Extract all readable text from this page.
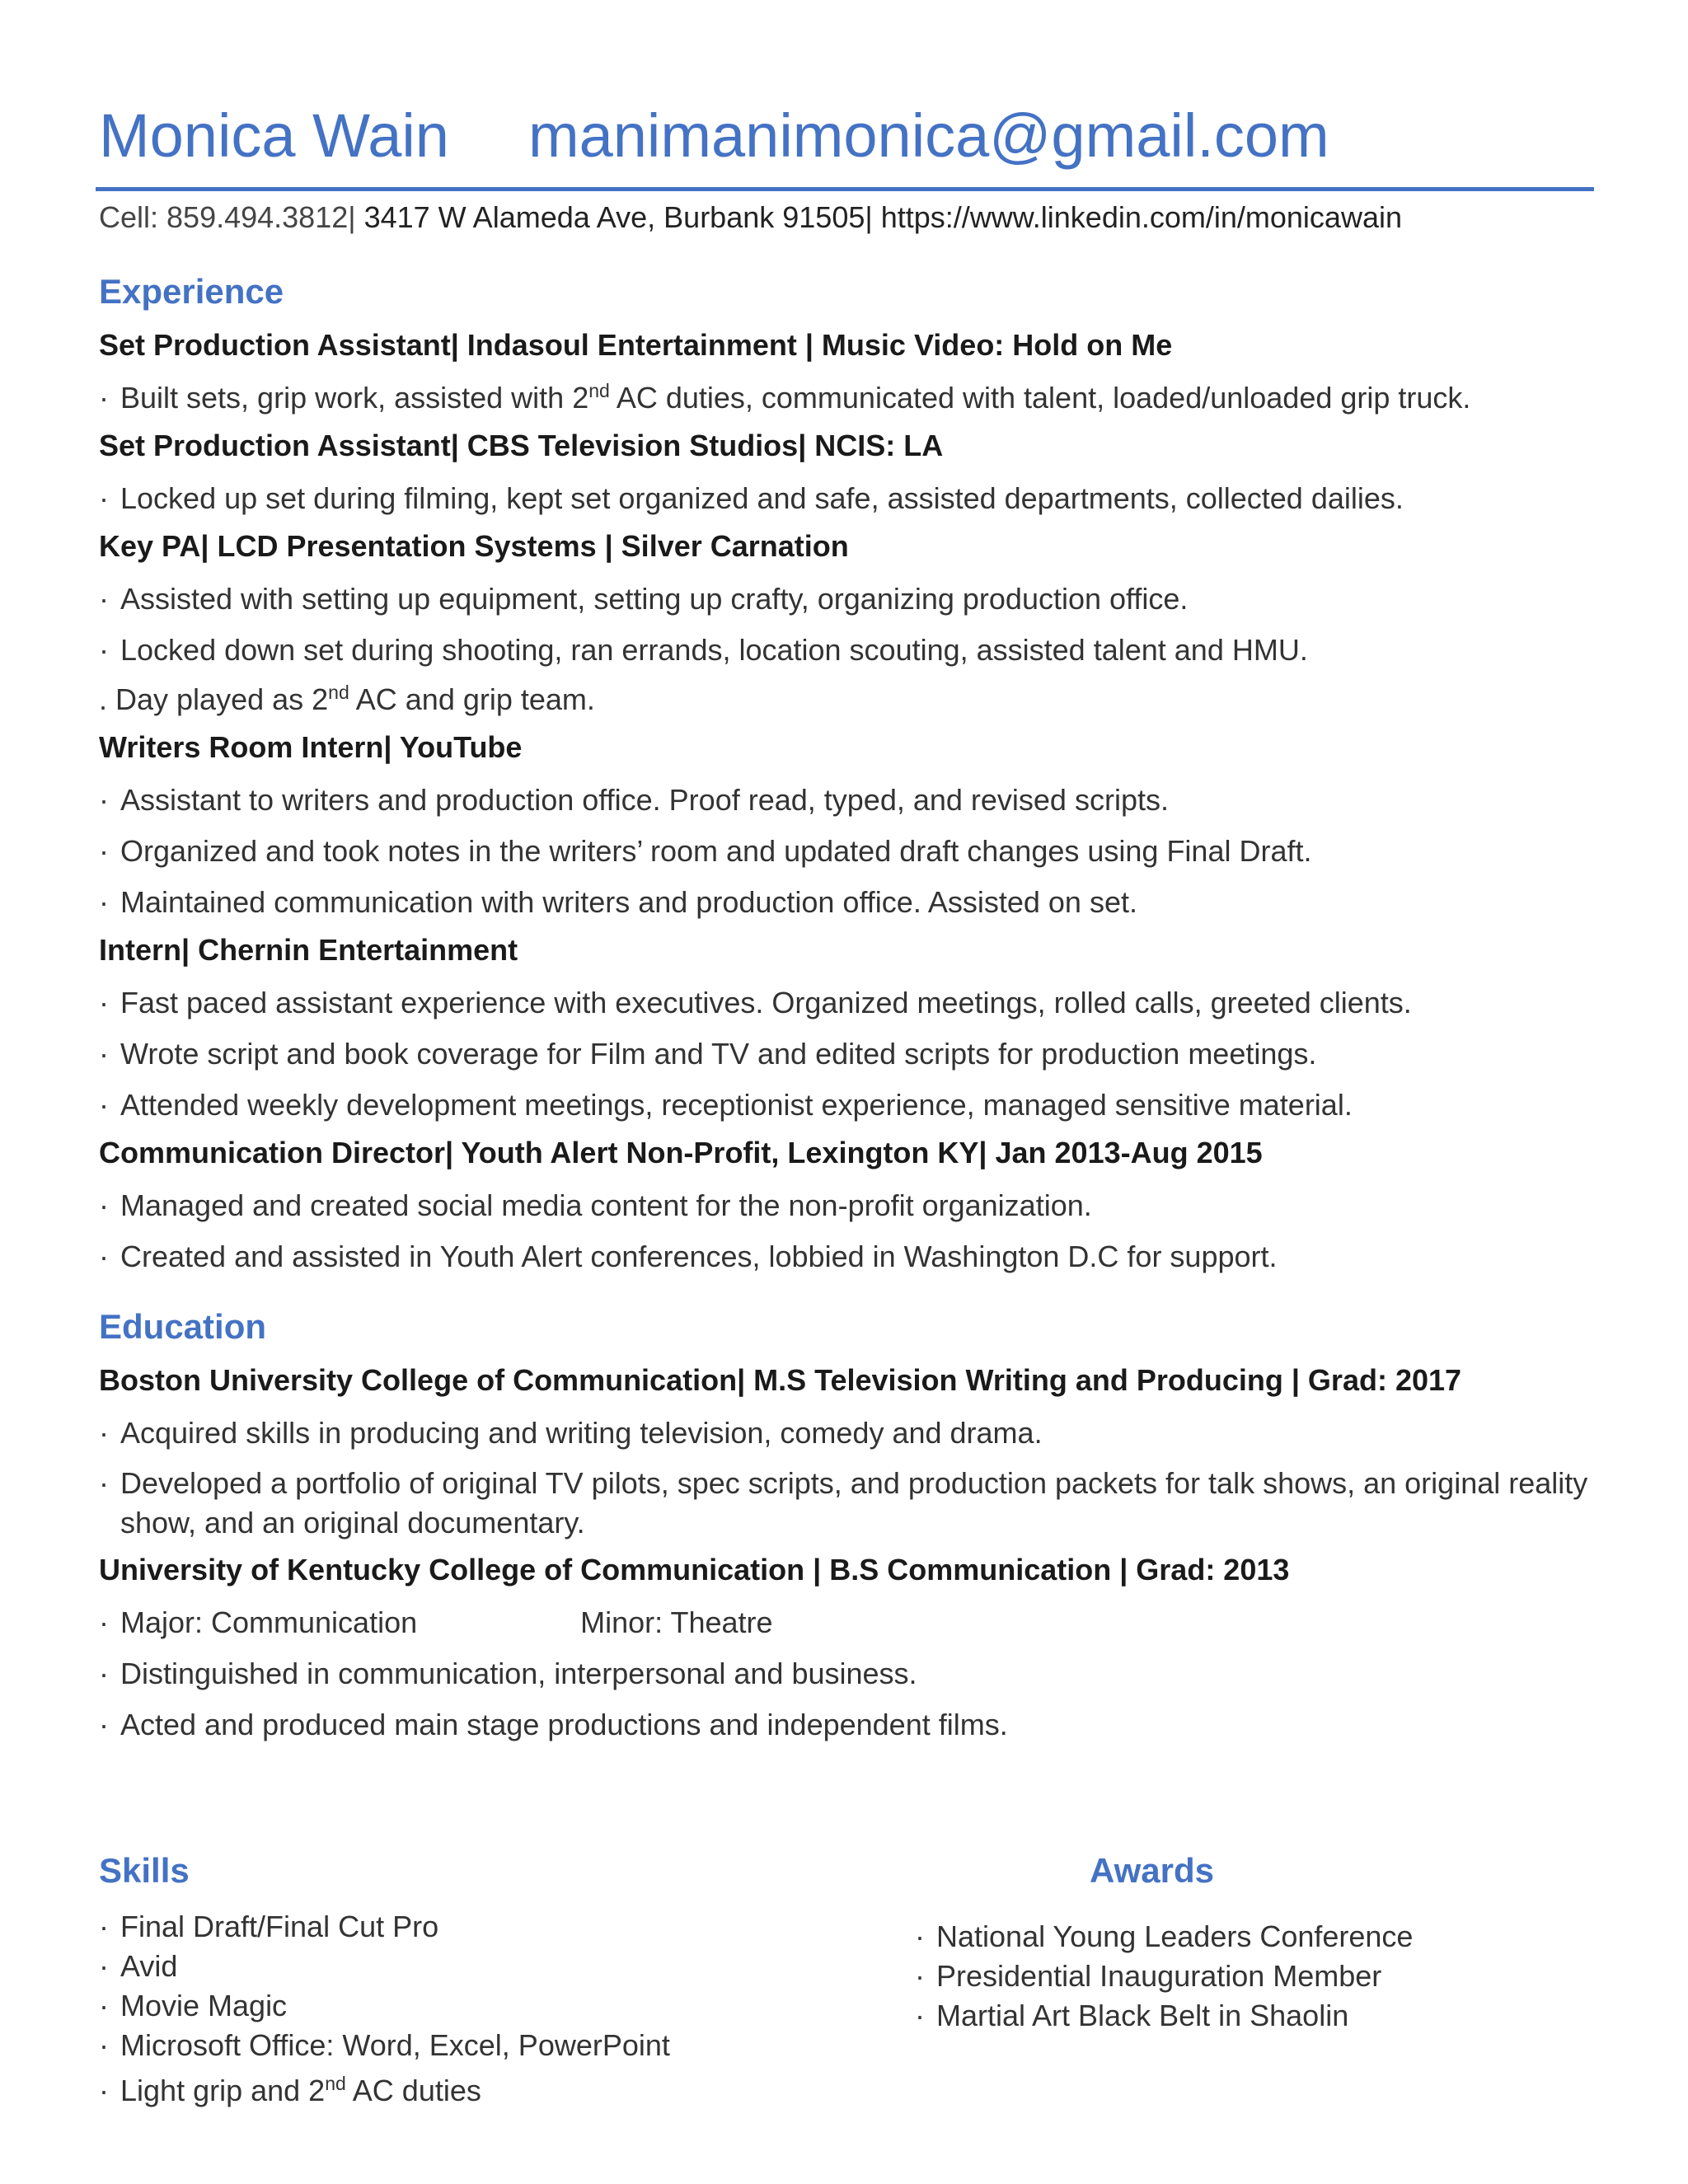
Monica Wain manimanimonica@gmail.com
Cell: 859.494.3812| 3417 W Alameda Ave, Burbank 91505| https://www.linkedin.com/in/monicawain
Experience
Set Production Assistant| Indasoul Entertainment | Music Video: Hold on Me
· Built sets, grip work, assisted with 2nd AC duties, communicated with talent, loaded/unloaded grip truck.
Set Production Assistant| CBS Television Studios| NCIS: LA
· Locked up set during filming, kept set organized and safe, assisted departments, collected dailies.
Key PA| LCD Presentation Systems | Silver Carnation
· Assisted with setting up equipment, setting up crafty, organizing production office.
· Locked down set during shooting, ran errands, location scouting, assisted talent and HMU.
. Day played as 2nd AC and grip team.
Writers Room Intern| YouTube
· Assistant to writers and production office. Proof read, typed, and revised scripts.
· Organized and took notes in the writers’ room and updated draft changes using Final Draft.
· Maintained communication with writers and production office. Assisted on set.
Intern| Chernin Entertainment
· Fast paced assistant experience with executives. Organized meetings, rolled calls, greeted clients.
· Wrote script and book coverage for Film and TV and edited scripts for production meetings.
· Attended weekly development meetings, receptionist experience, managed sensitive material.
Communication Director| Youth Alert Non-Profit, Lexington KY| Jan 2013-Aug 2015
· Managed and created social media content for the non-profit organization.
· Created and assisted in Youth Alert conferences, lobbied in Washington D.C for support.
Education
Boston University College of Communication| M.S Television Writing and Producing | Grad: 2017
· Acquired skills in producing and writing television, comedy and drama.
· Developed a portfolio of original TV pilots, spec scripts, and production packets for talk shows, an original reality show, and an original documentary.
University of Kentucky College of Communication | B.S Communication | Grad: 2013
· Major: Communication	Minor: Theatre
· Distinguished in communication, interpersonal and business.
· Acted and produced main stage productions and independent films.
Skills
· Final Draft/Final Cut Pro
· Avid
· Movie Magic
· Microsoft Office: Word, Excel, PowerPoint
· Light grip and 2nd AC duties
Awards
· National Young Leaders Conference
· Presidential Inauguration Member
· Martial Art Black Belt in Shaolin
